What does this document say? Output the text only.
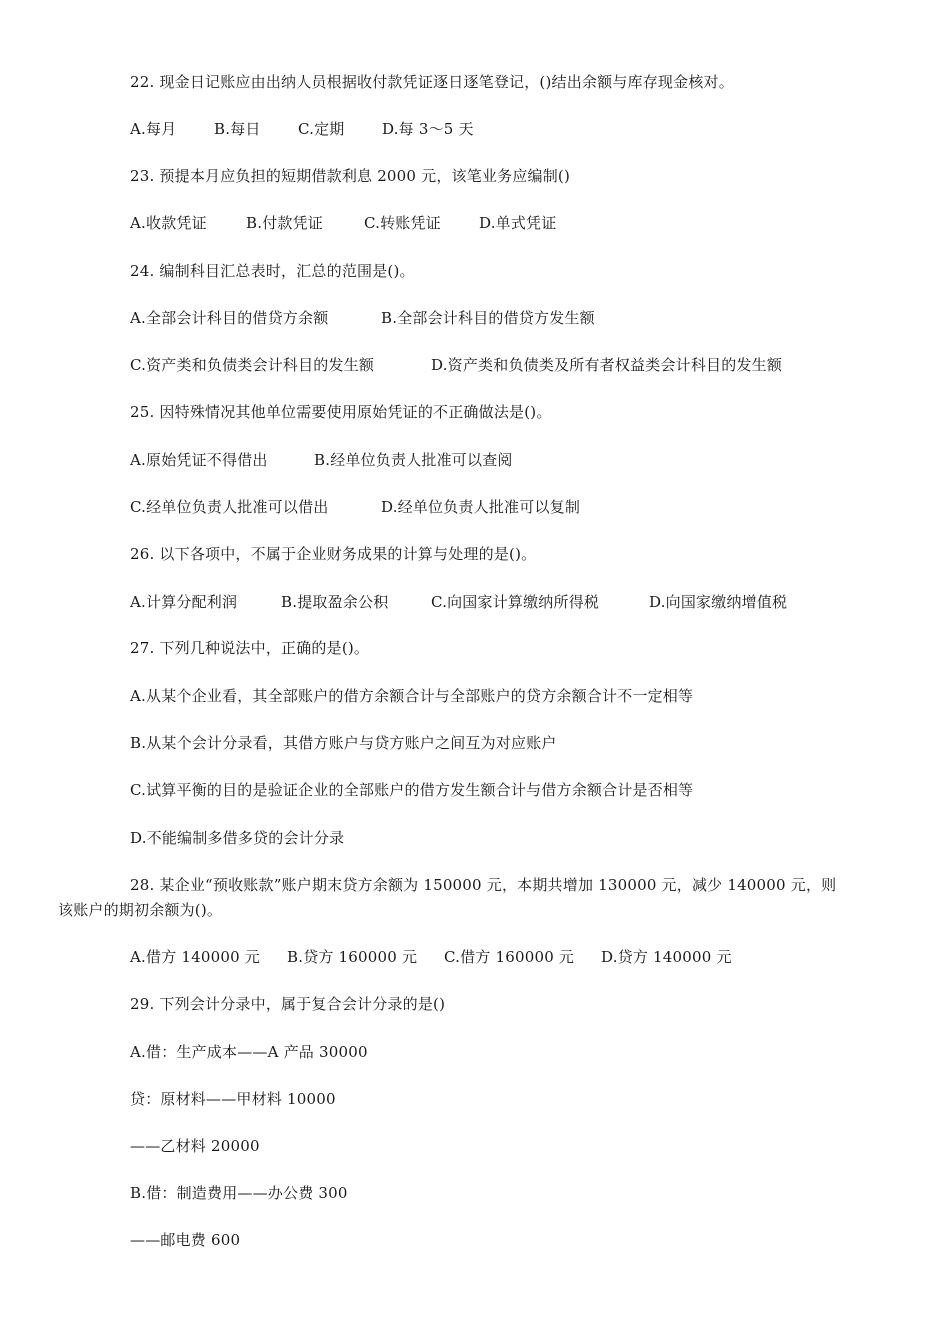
22. 现金日记账应由出纳人员根据收付款凭证逐日逐笔登记，()结出余额与库存现金核对。
A.每月	B.每日 C.定期 D.每 3～5 天
23. 预提本月应负担的短期借款利息 2000 元，该笔业务应编制()
A.收款凭证	B.付款凭证	C.转账凭证	D.单式凭证
24. 编制科目汇总表时，汇总的范围是()。
A.全部会计科目的借贷方余额	B.全部会计科目的借贷方发生额
C.资产类和负债类会计科目的发生额	D.资产类和负债类及所有者权益类会计科目的发生额
25. 因特殊情况其他单位需要使用原始凭证的不正确做法是()。
A.原始凭证不得借出	B.经单位负责人批准可以查阅
C.经单位负责人批准可以借出	D.经单位负责人批准可以复制
26. 以下各项中，不属于企业财务成果的计算与处理的是()。
A.计算分配利润	B.提取盈余公积	C.向国家计算缴纳所得税	D.向国家缴纳增值税
27. 下列几种说法中，正确的是()。
A.从某个企业看，其全部账户的借方余额合计与全部账户的贷方余额合计不一定相等
B.从某个会计分录看，其借方账户与贷方账户之间互为对应账户
C.试算平衡的目的是验证企业的全部账户的借方发生额合计与借方余额合计是否相等
D.不能编制多借多贷的会计分录
28. 某企业“预收账款”账户期末贷方余额为 150000 元，本期共增加 130000 元，减少 140000 元，则
该账户的期初余额为()。
A.借方 140000 元 B.贷方 160000 元 C.借方 160000 元 D.贷方 140000 元
29. 下列会计分录中，属于复合会计分录的是()
A.借：生产成本——A 产品 30000
贷：原材料——甲材料 10000
——乙材料 20000
B.借：制造费用——办公费 300
——邮电费 600
